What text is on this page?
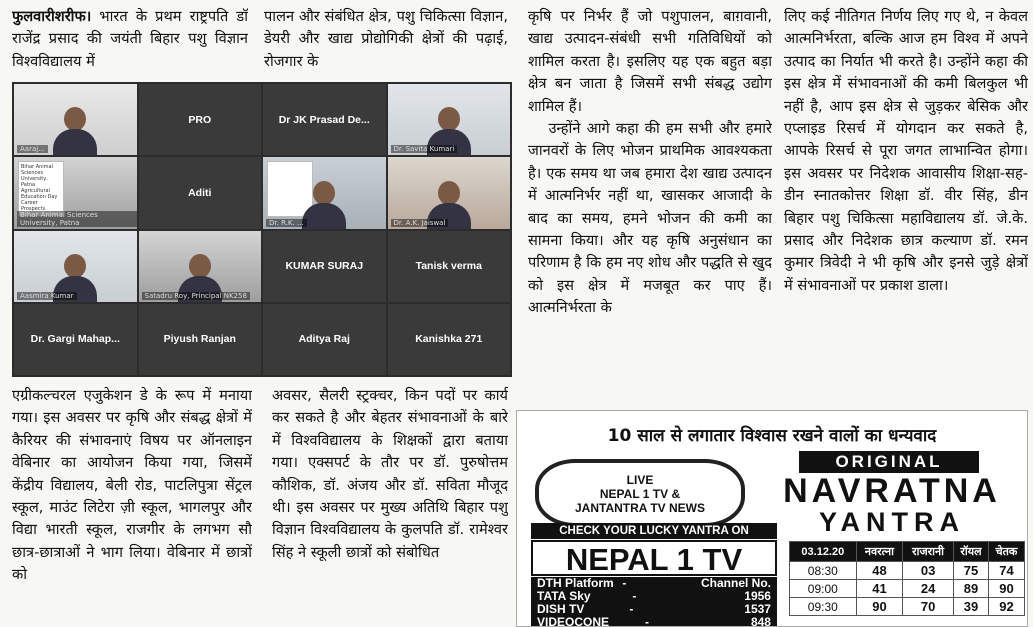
फुलवारीशरीफ। भारत के प्रथम राष्ट्रपति डॉ राजेंद्र प्रसाद की जयंती बिहार पशु विज्ञान विश्वविद्यालय में

पालन और संबंधित क्षेत्र, पशु चिकित्सा विज्ञान, डेयरी और खाद्य प्रोद्योगिकी क्षेत्रों की पढ़ाई, रोजगार के

कृषि पर निर्भर हैं जो पशुपालन, बाग़वानी, खाद्य उत्पादन-संबंधी सभी गतिविधियों को शामिल करता है। इसलिए यह एक बहुत बड़ा क्षेत्र बन जाता है जिसमें सभी संबद्ध उद्योग शामिल हैं।

उन्होंने आगे कहा की हम सभी और हमारे जानवरों के लिए भोजन प्राथमिक आवश्यकता है। एक समय था जब हमारा देश खाद्य उत्पादन में आत्मनिर्भर नहीं था, खासकर आजादी के बाद का समय, हमने भोजन की कमी का सामना किया। और यह कृषि अनुसंधान का परिणाम है कि हम नए शोध और पद्धति से खुद को इस क्षेत्र में मजबूत कर पाए हैं। आत्मनिर्भरता के

लिए कई नीतिगत निर्णय लिए गए थे, न केवल आत्मनिर्भरता, बल्कि आज हम विश्व में अपने उत्पाद का निर्यात भी करते है। उन्होंने कहा की इस क्षेत्र में संभावनाओं की कमी बिलकुल भी नहीं है, आप इस क्षेत्र से जुड़कर बेसिक और एप्लाइड रिसर्च में योगदान कर सकते है, आपके रिसर्च से पूरा जगत लाभान्वित होगा। इस अवसर पर निदेशक आवासीय शिक्षा-सह-डीन स्नातकोत्तर शिक्षा डॉ. वीर सिंह, डीन बिहार पशु चिकित्सा महाविद्यालय डॉ. जे.के. प्रसाद और निदेशक छात्र कल्याण डॉ. रमन कुमार त्रिवेदी ने भी कृषि और इनसे जुड़े क्षेत्रों में संभावनाओं पर प्रकाश डाला।

एग्रीकल्चरल एजुकेशन डे के रूप में मनाया गया। इस अवसर पर कृषि और संबद्ध क्षेत्रों में कैरियर की संभावनाएं विषय पर ऑनलाइन वेबिनार का आयोजन किया गया, जिसमें केंद्रीय विद्यालय, बेली रोड, पाटलिपुत्रा सेंट्रल स्कूल, माउंट लिटेरा ज़ी स्कूल, भागलपुर और विद्या भारती स्कूल, राजगीर के लगभग सौ छात्र-छात्राओं ने भाग लिया। वेबिनार में छात्रों को

अवसर, सैलरी स्ट्रक्चर, किन पदों पर कार्य कर सकते है और बेहतर संभावनाओं के बारे में विश्वविद्यालय के शिक्षकों द्वारा बताया गया। एक्सपर्ट के तौर पर डॉ. पुरुषोत्तम कौशिक, डॉ. अंजय और डॉ. सविता मौजूद थी। इस अवसर पर मुख्य अतिथि बिहार पशु विज्ञान विश्वविद्यालय के कुलपति डॉ. रामेश्वर सिंह ने स्कूली छात्रों को संबोधित

Aaraj...
PRO	Dr JK Prasad De...
Dr. Savita Kumari
Bihar Animal Sciences University, Patna Agricultural Education Day Career Prospects
Bihar Animal Sciences University, Patna
Aditi
Dr. R.K. ...	Dr. A.K. Jaiswal
Aasmira Kumar	Satadru Roy, Principal NK258
KUMAR SURAJ	Tanisk verma
Dr. Gargi Mahap...	Piyush Ranjan	Aditya Raj	Kanishka 271
10 साल से लगातार विश्वास रखने वालों का धन्यवाद
LIVE
NEPAL 1 TV &
JANTANTRA TV NEWS
ORIGINAL
NAVRATNA
YANTRA
CHECK YOUR LUCKY YANTRA ON
NEPAL 1 TV
DTH Platform -	Channel No.
TATA Sky	-	1956
DISH TV	-	1537
VIDEOCONE	-	848
03.12.20	नवरत्ना	राजरानी	रॉयल	चेतक
08:30	48	03	75	74
09:00	41	24	89	90
09:30	90	70	39	92
